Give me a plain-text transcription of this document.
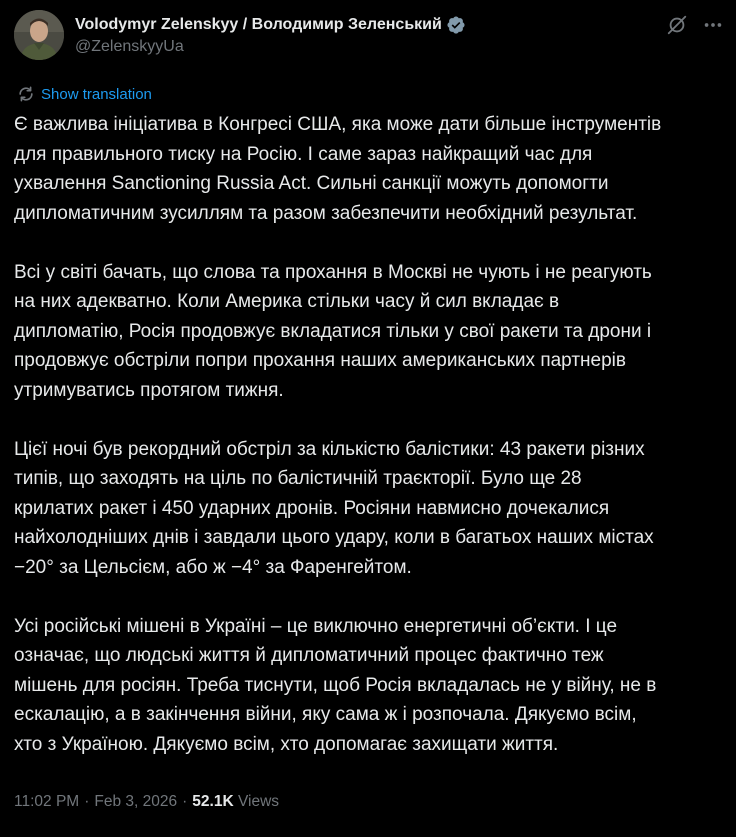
Volodymyr Zelenskyy / Володимир Зеленський
@ZelenskyyUa
Show translation

Є важлива ініціатива в Конгресі США, яка може дати більше інструментів
для правильного тиску на Росію. І саме зараз найкращий час для
ухвалення Sanctioning Russia Act. Сильні санкції можуть допомогти
дипломатичним зусиллям та разом забезпечити необхідний результат.

Всі у світі бачать, що слова та прохання в Москві не чують і не реагують
на них адекватно. Коли Америка стільки часу й сил вкладає в
дипломатію, Росія продовжує вкладатися тільки у свої ракети та дрони і
продовжує обстріли попри прохання наших американських партнерів
утримуватись протягом тижня.

Цієї ночі був рекордний обстріл за кількістю балістики: 43 ракети різних
типів, що заходять на ціль по балістичній траєкторії. Було ще 28
крилатих ракет і 450 ударних дронів. Росіяни навмисно дочекалися
найхолодніших днів і завдали цього удару, коли в багатьох наших містах
−20° за Цельсієм, або ж −4° за Фаренгейтом.

Усі російські мішені в Україні – це виключно енергетичні об’єкти. І це
означає, що людські життя й дипломатичний процес фактично теж
мішень для росіян. Треба тиснути, щоб Росія вкладалась не у війну, не в
ескалацію, а в закінчення війни, яку сама ж і розпочала. Дякуємо всім,
хто з Україною. Дякуємо всім, хто допомагає захищати життя.

11:02 PM · Feb 3, 2026 · 52.1K Views
